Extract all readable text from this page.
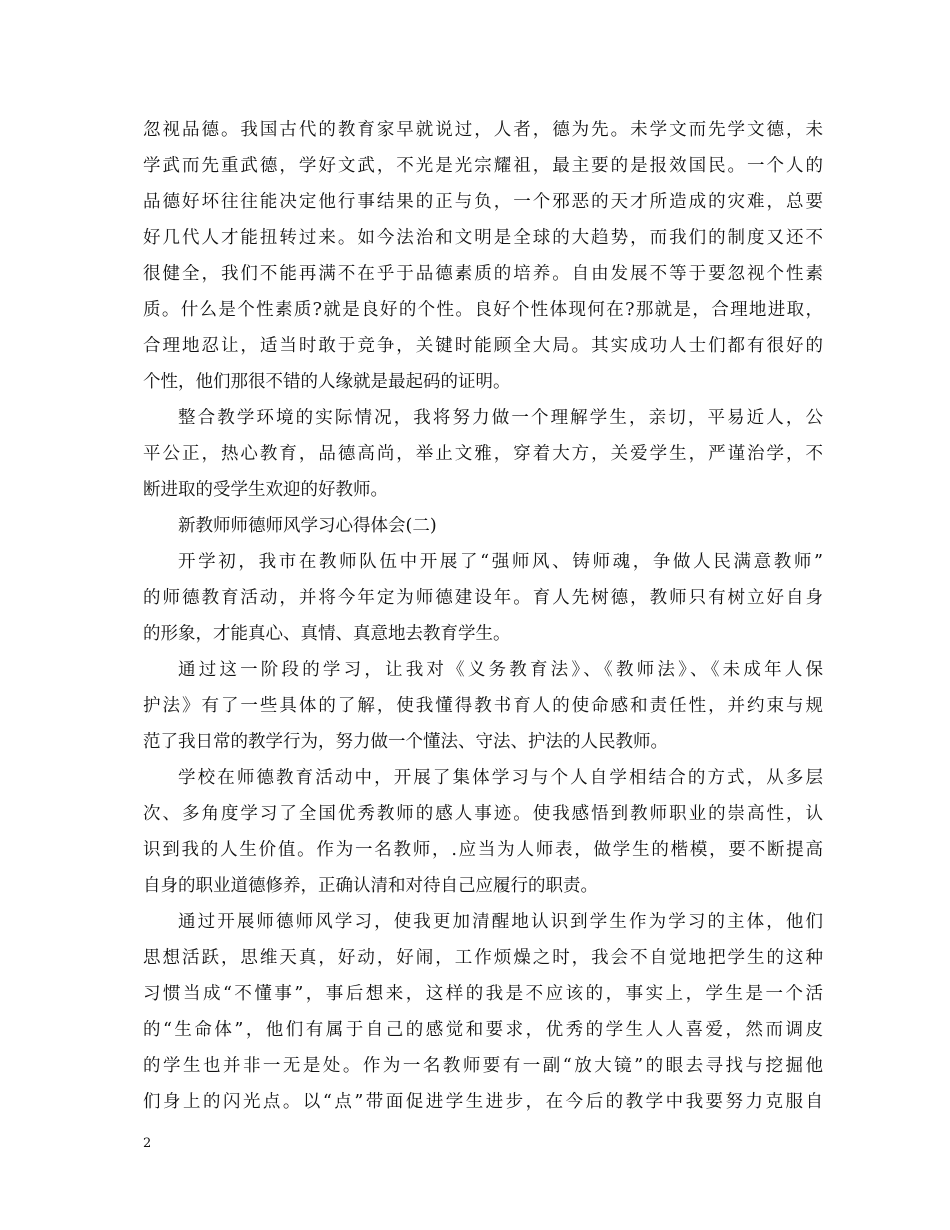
忽视品德。我国古代的教育家早就说过，人者，德为先。未学文而先学文德，未
学武而先重武德，学好文武，不光是光宗耀祖，最主要的是报效国民。一个人的
品德好坏往往能决定他行事结果的正与负，一个邪恶的天才所造成的灾难，总要
好几代人才能扭转过来。如今法治和文明是全球的大趋势，而我们的制度又还不
很健全，我们不能再满不在乎于品德素质的培养。自由发展不等于要忽视个性素
质。什么是个性素质?就是良好的个性。良好个性体现何在?那就是，合理地进取，
合理地忍让，适当时敢于竞争，关键时能顾全大局。其实成功人士们都有很好的
个性，他们那很不错的人缘就是最起码的证明。
整合教学环境的实际情况，我将努力做一个理解学生，亲切，平易近人，公
平公正，热心教育，品德高尚，举止文雅，穿着大方，关爱学生，严谨治学，不
断进取的受学生欢迎的好教师。
新教师师德师风学习心得体会(二)
开学初，我市在教师队伍中开展了“强师风、铸师魂，争做人民满意教师”
的师德教育活动，并将今年定为师德建设年。育人先树德，教师只有树立好自身
的形象，才能真心、真情、真意地去教育学生。
通过这一阶段的学习，让我对《义务教育法》、《教师法》、《未成年人保
护法》有了一些具体的了解，使我懂得教书育人的使命感和责任性，并约束与规
范了我日常的教学行为，努力做一个懂法、守法、护法的人民教师。
学校在师德教育活动中，开展了集体学习与个人自学相结合的方式，从多层
次、多角度学习了全国优秀教师的感人事迹。使我感悟到教师职业的崇高性，认
识到我的人生价值。作为一名教师，.应当为人师表，做学生的楷模，要不断提高
自身的职业道德修养，正确认清和对待自己应履行的职责。
通过开展师德师风学习，使我更加清醒地认识到学生作为学习的主体，他们
思想活跃，思维天真，好动，好闹，工作烦燥之时，我会不自觉地把学生的这种
习惯当成“不懂事”，事后想来，这样的我是不应该的，事实上，学生是一个活
的“生命体”，他们有属于自己的感觉和要求，优秀的学生人人喜爱，然而调皮
的学生也并非一无是处。作为一名教师要有一副“放大镜”的眼去寻找与挖掘他
们身上的闪光点。以“点”带面促进学生进步，在今后的教学中我要努力克服自
2
